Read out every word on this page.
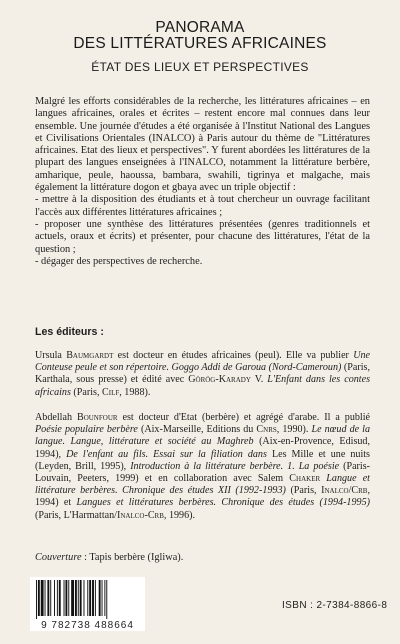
PANORAMA
DES LITTÉRATURES AFRICAINES
ÉTAT DES LIEUX ET PERSPECTIVES

Malgré les efforts considérables de la recherche, les littératures africaines – en langues africaines, orales et écrites – restent encore mal connues dans leur ensemble. Une journée d'études a été organisée à l'Institut National des Langues et Civilisations Orientales (INALCO) à Paris autour du thème de "Littératures africaines. Etat des lieux et perspectives". Y furent abordées les littératures de la plupart des langues enseignées à l'INALCO, notamment la littérature berbère, amharique, peule, haoussa, bambara, swahili, tigrinya et malgache, mais également la littérature dogon et gbaya avec un triple objectif :

- mettre à la disposition des étudiants et à tout chercheur un ouvrage facilitant l'accès aux différentes littératures africaines ;

- proposer une synthèse des littératures présentées (genres traditionnels et actuels, oraux et écrits) et présenter, pour chacune des littératures, l'état de la question ;

- dégager des perspectives de recherche.

Les éditeurs :
Ursula Baumgardt est docteur en études africaines (peul). Elle va publier Une Conteuse peule et son répertoire. Goggo Addi de Garoua (Nord-Cameroun) (Paris, Karthala, sous presse) et édité avec Görög-Karady V. L'Enfant dans les contes africains (Paris, Cilf, 1988).
Abdellah Bounfour est docteur d'Etat (berbère) et agrégé d'arabe. Il a publié Poésie populaire berbère (Aix-Marseille, Editions du Cnrs, 1990). Le nœud de la langue. Langue, littérature et société au Maghreb (Aix-en-Provence, Edisud, 1994), De l'enfant au fils. Essai sur la filiation dans Les Mille et une nuits (Leyden, Brill, 1995), Introduction à la littérature berbère. 1. La poésie (Paris-Louvain, Peeters, 1999) et en collaboration avec Salem Chaker Langue et littérature berbères. Chronique des études XII (1992-1993) (Paris, Inalco/Crb, 1994) et Langues et littératures berbères. Chronique des études (1994-1995) (Paris, L'Harmattan/Inalco-Crb, 1996).
Couverture : Tapis berbère (Igliwa).
9 782738 488664
ISBN : 2-7384-8866-8
